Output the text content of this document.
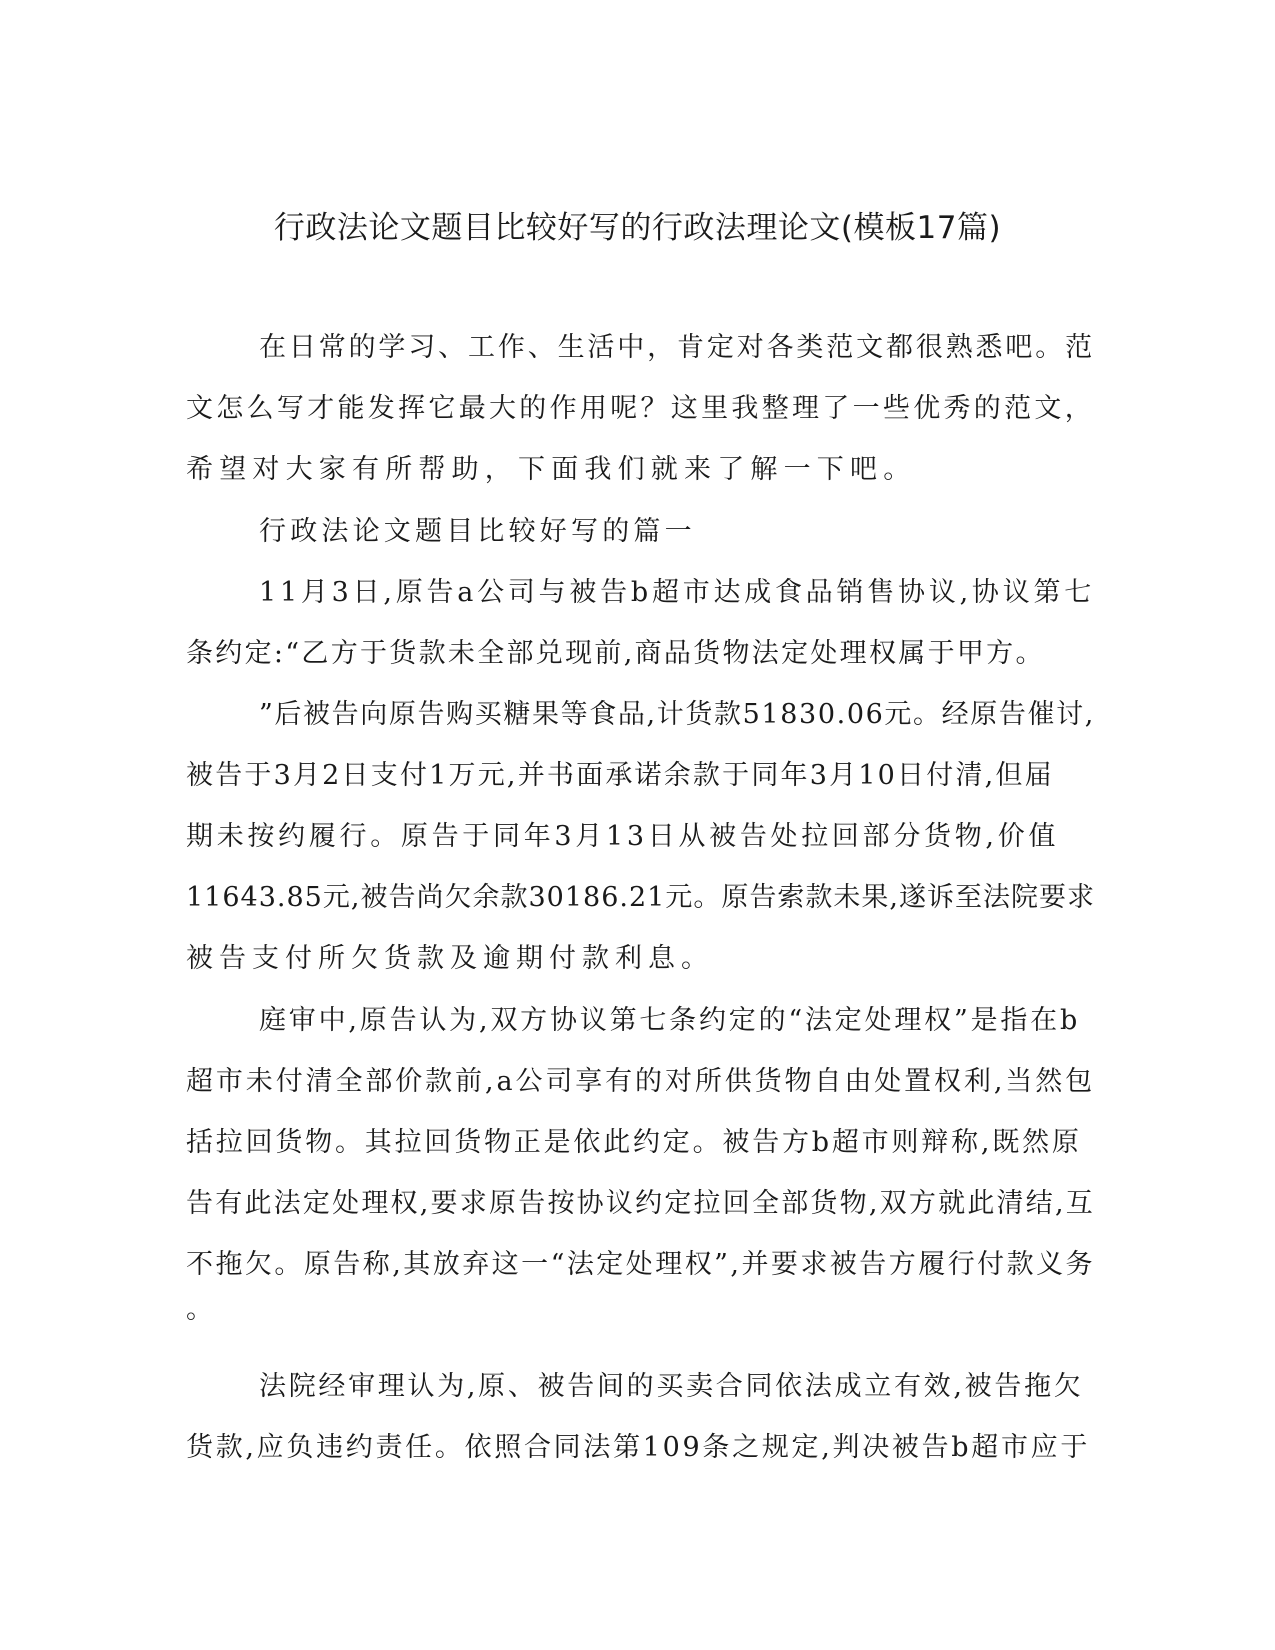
行政法论文题目比较好写的行政法理论文(模板17篇)
在日常的学习、工作、生活中，肯定对各类范文都很熟悉吧。范
文怎么写才能发挥它最大的作用呢？这里我整理了一些优秀的范文，
希望对大家有所帮助，下面我们就来了解一下吧。
行政法论文题目比较好写的篇一
11月3日,原告a公司与被告b超市达成食品销售协议,协议第七
条约定:“乙方于货款未全部兑现前,商品货物法定处理权属于甲方。
”后被告向原告购买糖果等食品,计货款51830.06元。经原告催讨,
被告于3月2日支付1万元,并书面承诺余款于同年3月10日付清,但届
期未按约履行。原告于同年3月13日从被告处拉回部分货物,价值
11643.85元,被告尚欠余款30186.21元。原告索款未果,遂诉至法院要求
被告支付所欠货款及逾期付款利息。
庭审中,原告认为,双方协议第七条约定的“法定处理权”是指在b
超市未付清全部价款前,a公司享有的对所供货物自由处置权利,当然包
括拉回货物。其拉回货物正是依此约定。被告方b超市则辩称,既然原
告有此法定处理权,要求原告按协议约定拉回全部货物,双方就此清结,互
不拖欠。原告称,其放弃这一“法定处理权”,并要求被告方履行付款义务
。
法院经审理认为,原、被告间的买卖合同依法成立有效,被告拖欠
货款,应负违约责任。依照合同法第109条之规定,判决被告b超市应于
